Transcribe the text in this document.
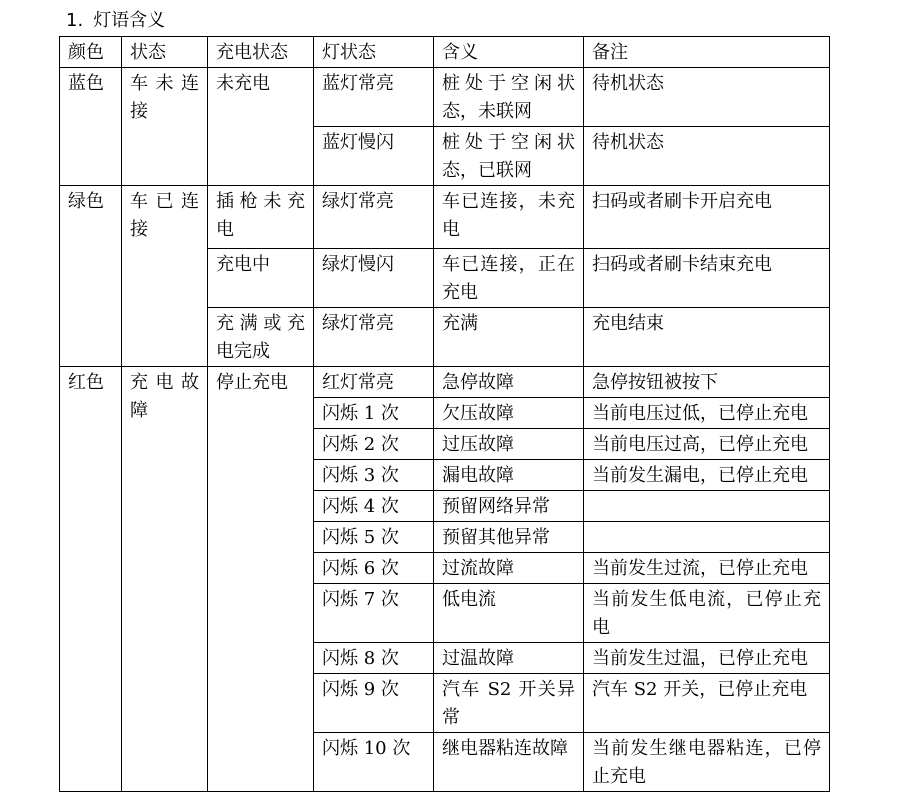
1. 灯语含义
颜色	状态	充电状态	灯状态	含义	备注
蓝色	车未连接	未充电	蓝灯常亮	桩处于空闲状态，未联网	待机状态
			蓝灯慢闪	桩处于空闲状态，已联网	待机状态
绿色	车已连接	插枪未充电	绿灯常亮	车已连接，未充电	扫码或者刷卡开启充电
		充电中	绿灯慢闪	车已连接，正在充电	扫码或者刷卡结束充电
		充满或充电完成	绿灯常亮	充满	充电结束
红色	充电故障	停止充电	红灯常亮	急停故障	急停按钮被按下
			闪烁 1 次	欠压故障	当前电压过低，已停止充电
			闪烁 2 次	过压故障	当前电压过高，已停止充电
			闪烁 3 次	漏电故障	当前发生漏电，已停止充电
			闪烁 4 次	预留网络异常	
			闪烁 5 次	预留其他异常	
			闪烁 6 次	过流故障	当前发生过流，已停止充电
			闪烁 7 次	低电流	当前发生低电流，已停止充电
			闪烁 8 次	过温故障	当前发生过温，已停止充电
			闪烁 9 次	汽车 S2 开关异常	汽车 S2 开关，已停止充电
			闪烁 10 次	继电器粘连故障	当前发生继电器粘连，已停止充电
